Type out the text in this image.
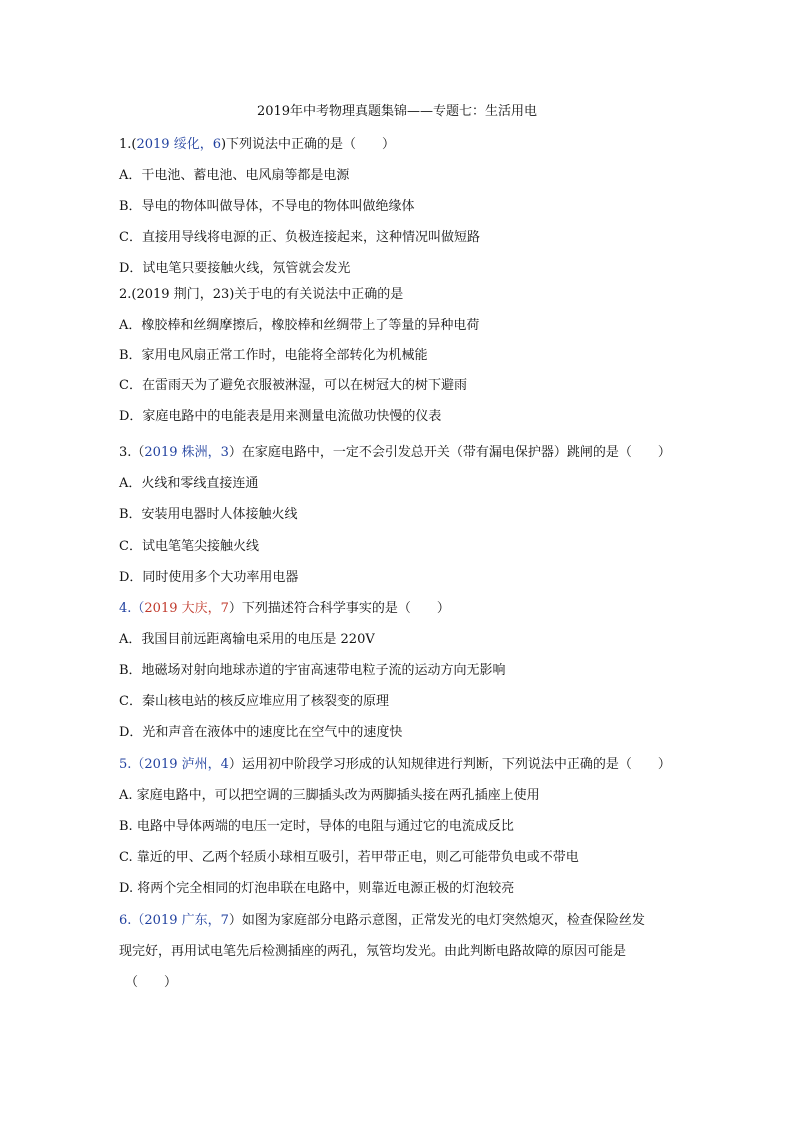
2019年中考物理真题集锦——专题七：生活用电
1.(2019 绥化，6)下列说法中正确的是（　　）
A．干电池、蓄电池、电风扇等都是电源
B．导电的物体叫做导体，不导电的物体叫做绝缘体
C．直接用导线将电源的正、负极连接起来，这种情况叫做短路
D．试电笔只要接触火线，氖管就会发光
2.(2019 荆门，23)关于电的有关说法中正确的是
A．橡胶棒和丝绸摩擦后，橡胶棒和丝绸带上了等量的异种电荷
B．家用电风扇正常工作时，电能将全部转化为机械能
C．在雷雨天为了避免衣服被淋湿，可以在树冠大的树下避雨
D．家庭电路中的电能表是用来测量电流做功快慢的仪表
3.（2019 株洲，3）在家庭电路中，一定不会引发总开关（带有漏电保护器）跳闸的是（　　）
A．火线和零线直接连通
B．安装用电器时人体接触火线
C．试电笔笔尖接触火线
D．同时使用多个大功率用电器
4.（2019 大庆，7）下列描述符合科学事实的是（　　）
A．我国目前远距离输电采用的电压是 220V
B．地磁场对射向地球赤道的宇宙高速带电粒子流的运动方向无影响
C．秦山核电站的核反应堆应用了核裂变的原理
D．光和声音在液体中的速度比在空气中的速度快
5.（2019 泸州，4）运用初中阶段学习形成的认知规律进行判断，下列说法中正确的是（　　）
A. 家庭电路中，可以把空调的三脚插头改为两脚插头接在两孔插座上使用
B. 电路中导体两端的电压一定时，导体的电阻与通过它的电流成反比
C. 靠近的甲、乙两个轻质小球相互吸引，若甲带正电，则乙可能带负电或不带电
D. 将两个完全相同的灯泡串联在电路中，则靠近电源正极的灯泡较亮
6.（2019 广东，7）如图为家庭部分电路示意图，正常发光的电灯突然熄灭，检查保险丝发
现完好，再用试电笔先后检测插座的两孔，氖管均发光。由此判断电路故障的原因可能是
（　　）
